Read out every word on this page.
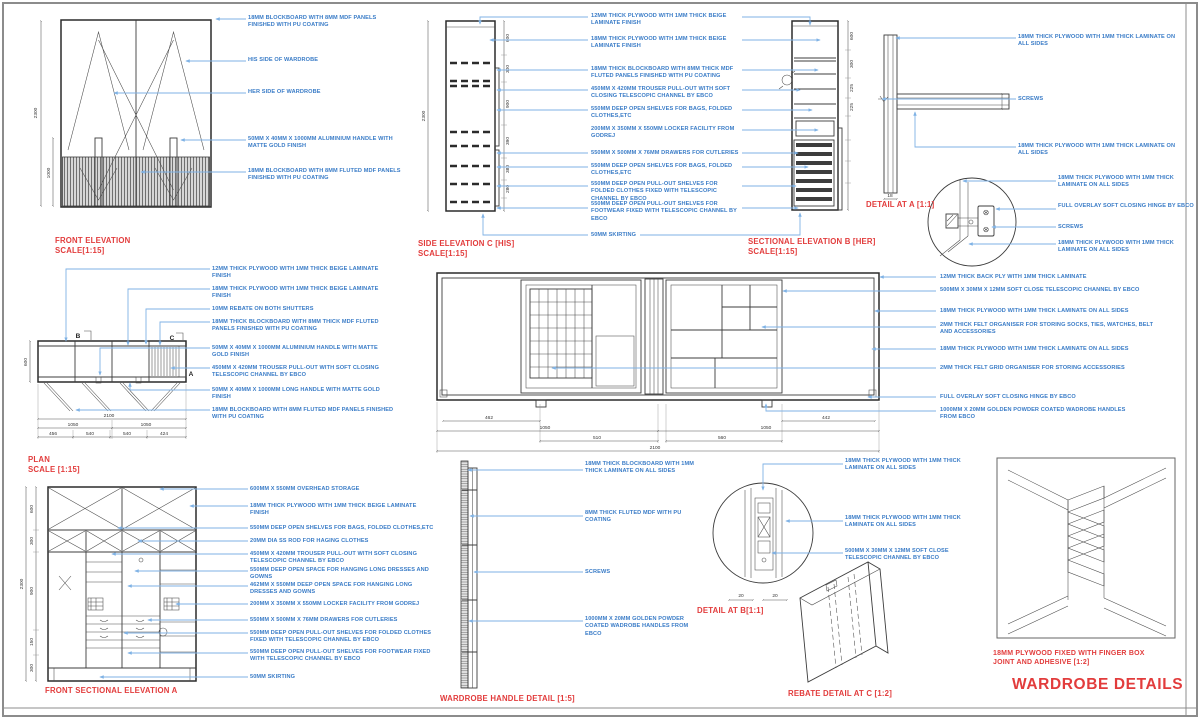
2300
1000
2300
600
300
900
390
380
280
600
300
225
225
18
462	442
1050	1050
510	560
2100
B	C
A
2100
1050	1050
456	540	540	424
600
2300
600
300
900
150
300
20	20
18MM BLOCKBOARD WITH 8MM MDF PANELS FINISHED WITH PU COATING
HIS SIDE OF WARDROBE
HER SIDE OF WARDROBE
50MM X 40MM X 1000MM ALUMINIUM HANDLE WITH MATTE GOLD FINISH
18MM BLOCKBOARD WITH 8MM FLUTED MDF PANELS FINISHED WITH PU COATING
12MM THICK PLYWOOD WITH 1MM THICK BEIGE LAMINATE FINISH
18MM THICK PLYWOOD WITH 1MM THICK BEIGE LAMINATE FINISH
18MM THICK BLOCKBOARD WITH 8MM THICK MDF FLUTED PANELS FINISHED WITH PU COATING
450MM X 420MM TROUSER PULL-OUT WITH SOFT CLOSING TELESCOPIC CHANNEL BY EBCO
550MM DEEP OPEN SHELVES FOR BAGS, FOLDED CLOTHES,ETC
200MM X 350MM X 550MM LOCKER FACILITY FROM GODREJ
550MM X 500MM X 76MM DRAWERS FOR CUTLERIES
550MM DEEP OPEN SHELVES FOR BAGS, FOLDED CLOTHES,ETC
550MM DEEP OPEN PULL-OUT SHELVES FOR FOLDED CLOTHES FIXED WITH TELESCOPIC CHANNEL BY EBCO
550MM DEEP OPEN PULL-OUT SHELVES FOR FOOTWEAR FIXED WITH TELESCOPIC CHANNEL BY EBCO
50MM SKIRTING
18MM THICK PLYWOOD WITH 1MM THICK LAMINATE ON ALL SIDES
SCREWS
18MM THICK PLYWOOD WITH 1MM THICK LAMINATE ON ALL SIDES
18MM THICK PLYWOOD WITH 1MM THICK LAMINATE ON ALL SIDES
FULL OVERLAY SOFT CLOSING HINGE BY EBCO
SCREWS
18MM THICK PLYWOOD WITH 1MM THICK LAMINATE ON ALL SIDES
12MM THICK BACK PLY WITH 1MM THICK LAMINATE
500MM X 30MM X 12MM SOFT CLOSE TELESCOPIC CHANNEL BY EBCO
18MM THICK PLYWOOD WITH 1MM THICK LAMINATE ON ALL SIDES
2MM THICK FELT ORGANISER FOR STORING SOCKS, TIES, WATCHES, BELT AND ACCESSORIES
18MM THICK PLYWOOD WITH 1MM THICK LAMINATE ON ALL SIDES
2MM THICK FELT GRID ORGANISER FOR STORING ACCESSORIES
FULL OVERLAY SOFT CLOSING HINGE BY EBCO
1000MM X 20MM GOLDEN POWDER COATED WADROBE HANDLES FROM EBCO
12MM THICK PLYWOOD WITH 1MM THICK BEIGE LAMINATE FINISH
18MM THICK PLYWOOD WITH 1MM THICK BEIGE LAMINATE FINISH
10MM REBATE ON BOTH SHUTTERS
18MM THICK BLOCKBOARD WITH 8MM THICK MDF FLUTED PANELS FINISHED WITH PU COATING
50MM X 40MM X 1000MM ALUMINIUM HANDLE WITH MATTE GOLD FINISH
450MM X 420MM TROUSER PULL-OUT WITH SOFT CLOSING TELESCOPIC CHANNEL BY EBCO
50MM X 40MM X 1000MM LONG HANDLE WITH MATTE GOLD FINISH
18MM BLOCKBOARD WITH 8MM FLUTED MDF PANELS FINISHED WITH PU COATING
600MM X 550MM OVERHEAD STORAGE
18MM THICK PLYWOOD WITH 1MM THICK BEIGE LAMINATE FINISH
550MM DEEP OPEN SHELVES FOR BAGS, FOLDED CLOTHES,ETC
20MM DIA SS ROD FOR HAGING CLOTHES
450MM X 420MM TROUSER PULL-OUT WITH SOFT CLOSING TELESCOPIC CHANNEL BY EBCO
550MM DEEP OPEN SPACE FOR HANGING LONG DRESSES AND GOWNS
462MM X 550MM DEEP OPEN SPACE FOR HANGING LONG DRESSES AND GOWNS
200MM X 350MM X 550MM LOCKER FACILITY FROM GODREJ
550MM X 500MM X 76MM DRAWERS FOR CUTLERIES
550MM DEEP OPEN PULL-OUT SHELVES FOR FOLDED CLOTHES FIXED WITH TELESCOPIC CHANNEL BY EBCO
550MM DEEP OPEN PULL-OUT SHELVES FOR FOOTWEAR FIXED WITH TELESCOPIC CHANNEL BY EBCO
50MM SKIRTING
18MM THICK BLOCKBOARD WITH 1MM THICK LAMINATE ON ALL SIDES
8MM THICK FLUTED MDF WITH PU COATING
SCREWS
1000MM X 20MM GOLDEN POWDER COATED WADROBE HANDLES FROM EBCO
18MM THICK PLYWOOD WITH 1MM THICK LAMINATE ON ALL SIDES
18MM THICK PLYWOOD WITH 1MM THICK LAMINATE ON ALL SIDES
500MM X 30MM X 12MM SOFT CLOSE TELESCOPIC CHANNEL BY EBCO
FRONT ELEVATION
SCALE[1:15]
SIDE ELEVATION C [HIS]
SCALE[1:15]
SECTIONAL ELEVATION B [HER]
SCALE[1:15]
DETAIL AT A [1:1]
PLAN
SCALE [1:15]
FRONT SECTIONAL ELEVATION A
WARDROBE HANDLE DETAIL [1:5]
DETAIL AT B[1:1]
REBATE DETAIL AT C [1:2]
18MM PLYWOOD FIXED WITH FINGER BOX JOINT AND ADHESIVE [1:2]
WARDROBE DETAILS
